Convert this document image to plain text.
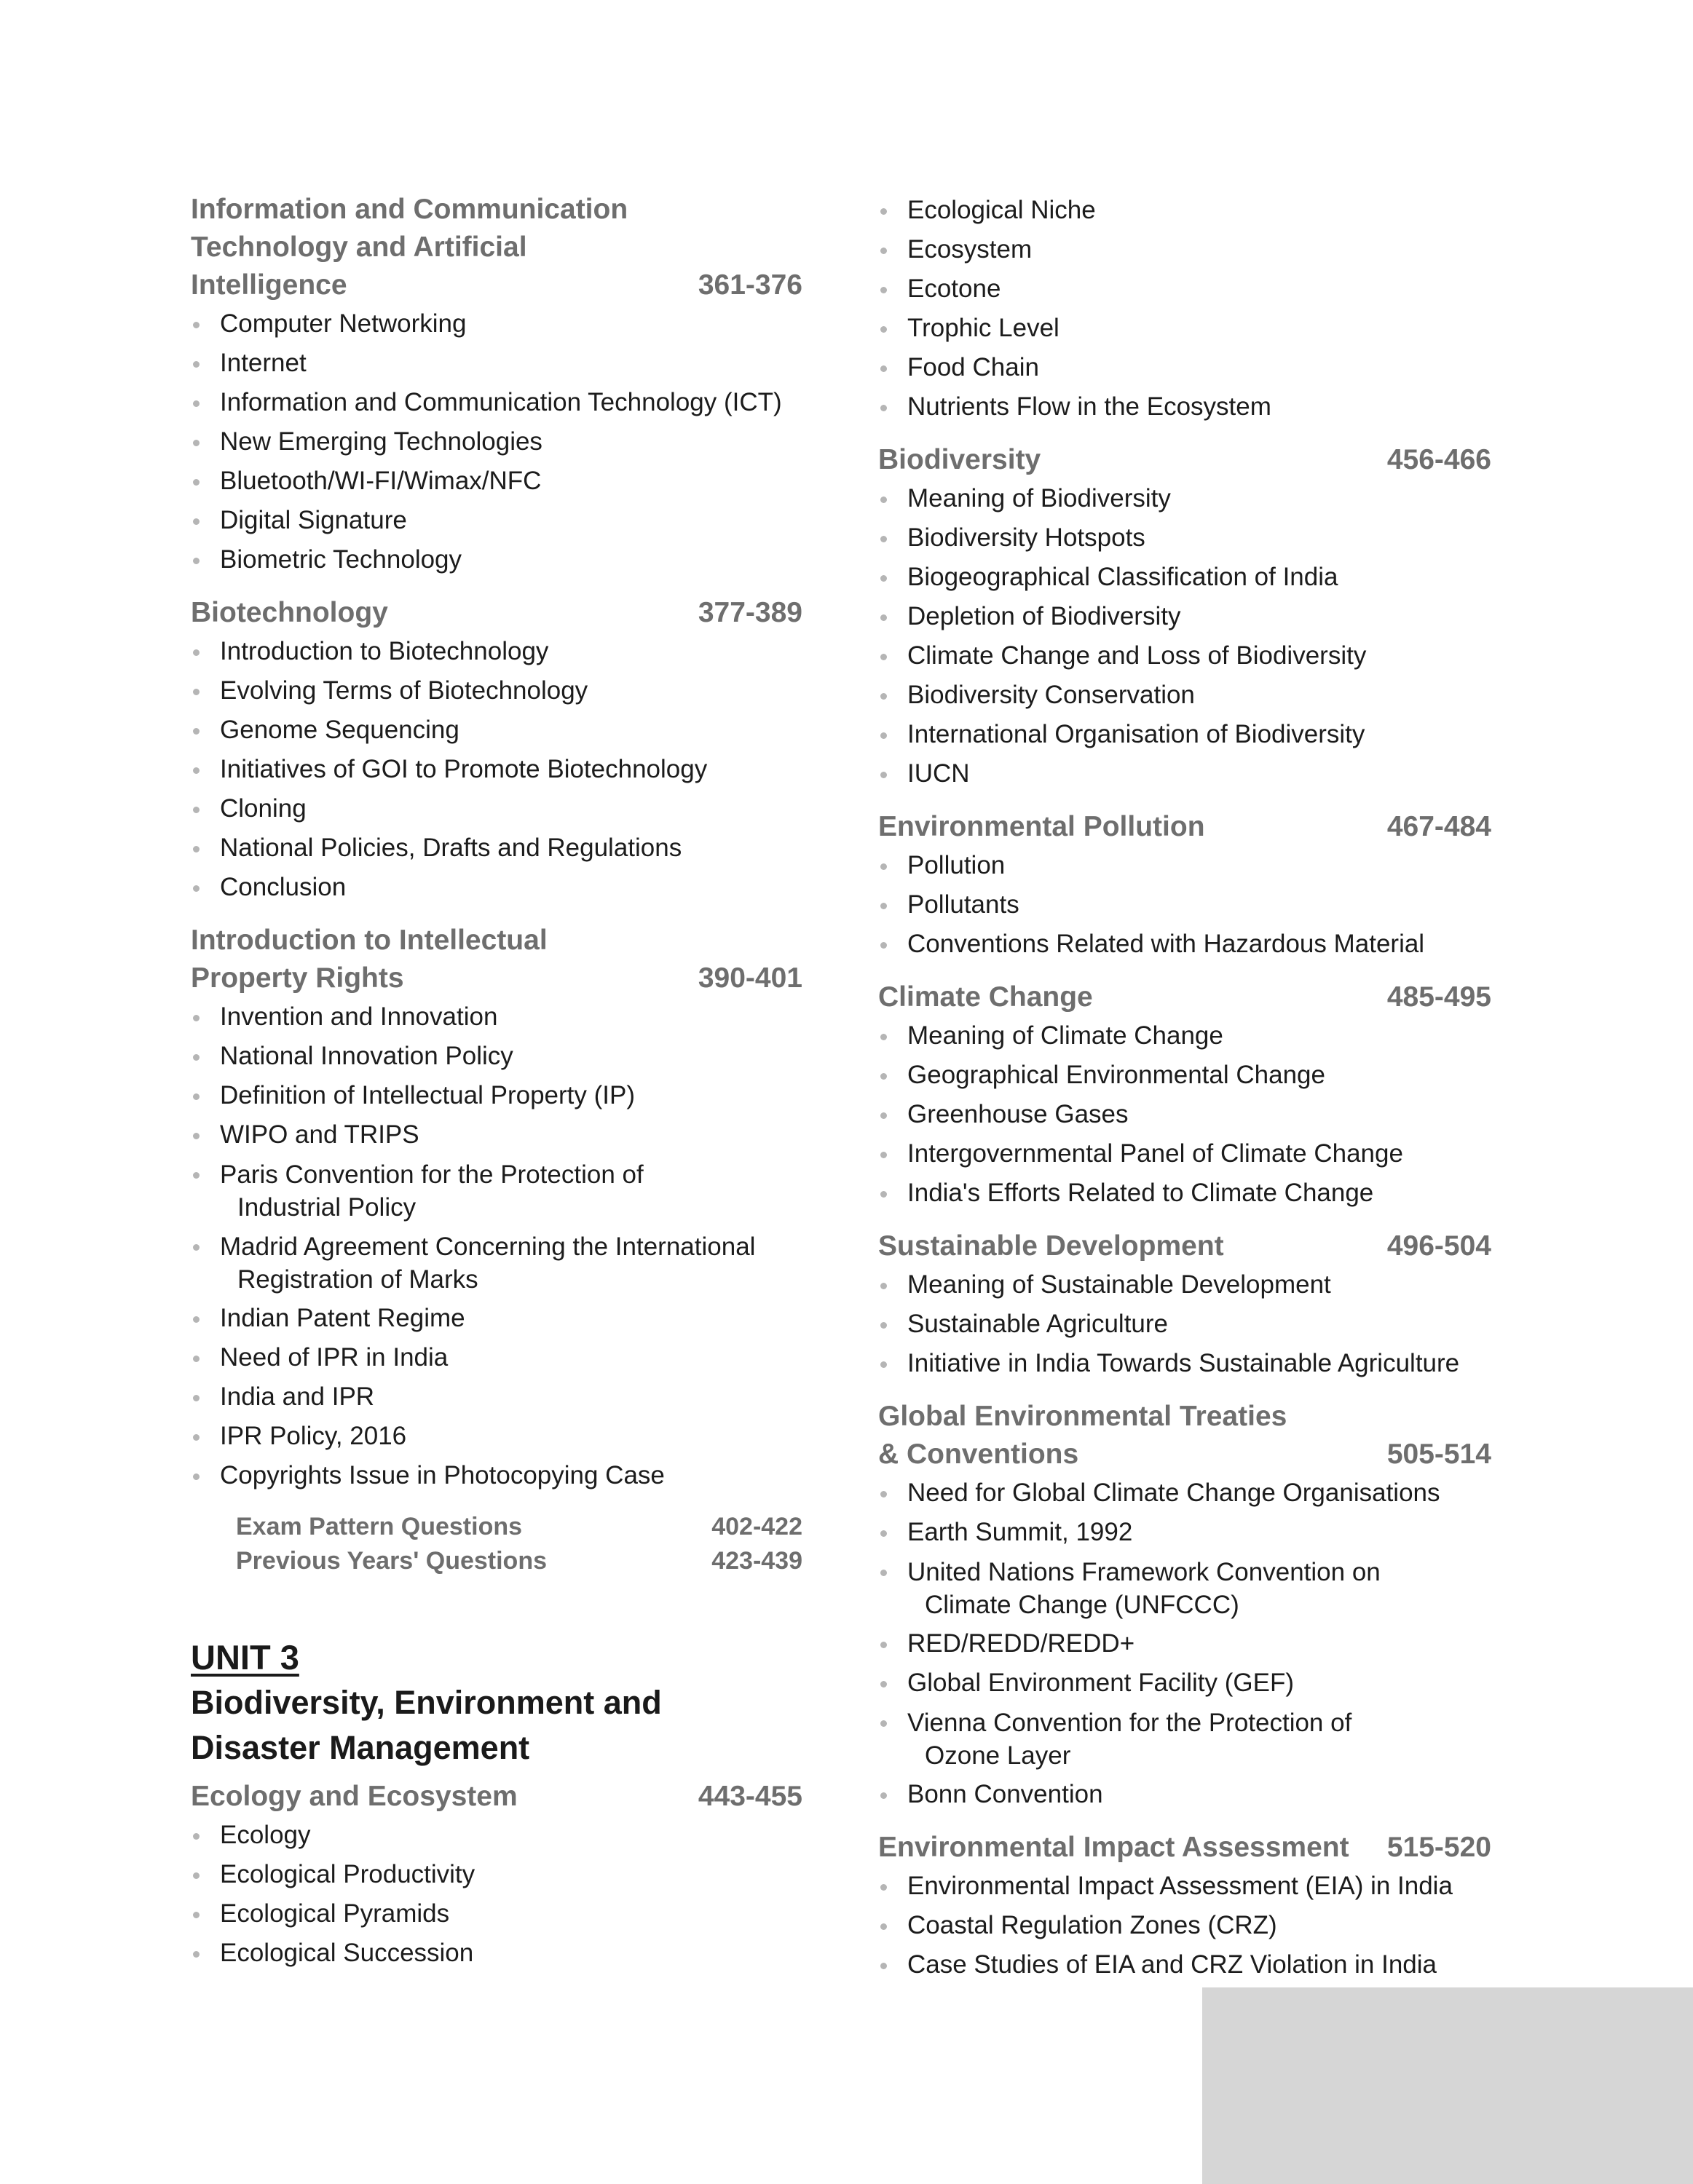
Information and Communication
Technology and Artificial
Intelligence	361-376
Computer Networking
Internet
Information and Communication Technology (ICT)
New Emerging Technologies
Bluetooth/WI-FI/Wimax/NFC
Digital Signature
Biometric Technology
Biotechnology	377-389
Introduction to Biotechnology
Evolving Terms of Biotechnology
Genome Sequencing
Initiatives of GOI to Promote Biotechnology
Cloning
National Policies, Drafts and Regulations
Conclusion
Introduction to Intellectual
Property Rights	390-401
Invention and Innovation
National Innovation Policy
Definition of Intellectual Property (IP)
WIPO and TRIPS
Paris Convention for the Protection of
Industrial Policy
Madrid Agreement Concerning the International
Registration of Marks
Indian Patent Regime
Need of IPR in India
India and IPR
IPR Policy, 2016
Copyrights Issue in Photocopying Case
Exam Pattern Questions	402-422
Previous Years' Questions	423-439
UNIT 3
Biodiversity, Environment and
Disaster Management
Ecology and Ecosystem	443-455
Ecology
Ecological Productivity
Ecological Pyramids
Ecological Succession
Ecological Niche
Ecosystem
Ecotone
Trophic Level
Food Chain
Nutrients Flow in the Ecosystem
Biodiversity	456-466
Meaning of Biodiversity
Biodiversity Hotspots
Biogeographical Classification of India
Depletion of Biodiversity
Climate Change and Loss of Biodiversity
Biodiversity Conservation
International Organisation of Biodiversity
IUCN
Environmental Pollution	467-484
Pollution
Pollutants
Conventions Related with Hazardous Material
Climate Change	485-495
Meaning of Climate Change
Geographical Environmental Change
Greenhouse Gases
Intergovernmental Panel of Climate Change
India's Efforts Related to Climate Change
Sustainable Development	496-504
Meaning of Sustainable Development
Sustainable Agriculture
Initiative in India Towards Sustainable Agriculture
Global Environmental Treaties
& Conventions	505-514
Need for Global Climate Change Organisations
Earth Summit, 1992
United Nations Framework Convention on
Climate Change (UNFCCC)
RED/REDD/REDD+
Global Environment Facility (GEF)
Vienna Convention for the Protection of
Ozone Layer
Bonn Convention
Environmental Impact Assessment 515-520
Environmental Impact Assessment (EIA) in India
Coastal Regulation Zones (CRZ)
Case Studies of EIA and CRZ Violation in India
